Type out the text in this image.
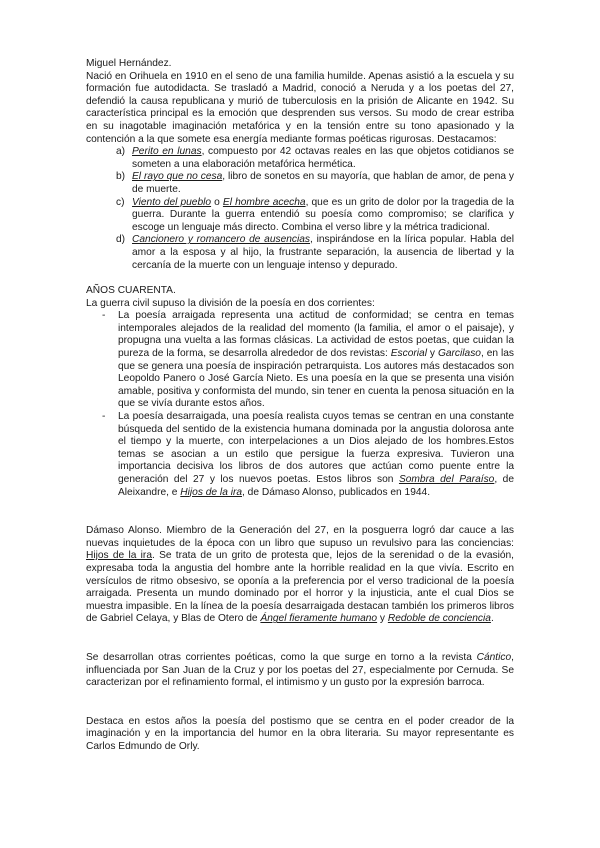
Miguel Hernández.

Nació en Orihuela en 1910 en el seno de una familia humilde. Apenas asistió a la escuela y su formación fue autodidacta. Se trasladó a Madrid, conoció a Neruda y a los poetas del 27, defendió la causa republicana y murió de tuberculosis en la prisión de Alicante en 1942. Su característica principal es la emoción que desprenden sus versos. Su modo de crear estriba en su inagotable imaginación metafórica y en la tensión entre su tono apasionado y la contención a la que somete esa energía mediante formas poéticas rigurosas. Destacamos:

a) Perito en lunas, compuesto por 42 octavas reales en las que objetos cotidianos se someten a una elaboración metafórica hermética.
b) El rayo que no cesa, libro de sonetos en su mayoría, que hablan de amor, de pena y de muerte.
c) Viento del pueblo o El hombre acecha, que es un grito de dolor por la tragedia de la guerra. Durante la guerra entendió su poesía como compromiso; se clarifica y escoge un lenguaje más directo. Combina el verso libre y la métrica tradicional.
d) Cancionero y romancero de ausencias, inspirándose en la lírica popular. Habla del amor a la esposa y al hijo, la frustrante separación, la ausencia de libertad y la cercanía de la muerte con un lenguaje intenso y depurado.

AÑOS CUARENTA.

La guerra civil supuso la división de la poesía en dos corrientes:

- La poesía arraigada representa una actitud de conformidad; se centra en temas intemporales alejados de la realidad del momento (la familia, el amor o el paisaje), y propugna una vuelta a las formas clásicas. La actividad de estos poetas, que cuidan la pureza de la forma, se desarrolla alrededor de dos revistas: Escorial y Garcilaso, en las que se genera una poesía de inspiración petrarquista. Los autores más destacados son Leopoldo Panero o José García Nieto. Es una poesía en la que se presenta una visión amable, positiva y conformista del mundo, sin tener en cuenta la penosa situación en la que se vivía durante estos años.
- La poesía desarraigada, una poesía realista cuyos temas se centran en una constante búsqueda del sentido de la existencia humana dominada por la angustia dolorosa ante el tiempo y la muerte, con interpelaciones a un Dios alejado de los hombres.Estos temas se asocian a un estilo que persigue la fuerza expresiva. Tuvieron una importancia decisiva los libros de dos autores que actúan como puente entre la generación del 27 y los nuevos poetas. Estos libros son Sombra del Paraíso, de Aleixandre, e Hijos de la ira, de Dámaso Alonso, publicados en 1944.

Dámaso Alonso. Miembro de la Generación del 27, en la posguerra logró dar cauce a las nuevas inquietudes de la época con un libro que supuso un revulsivo para las conciencias: Hijos de la ira. Se trata de un grito de protesta que, lejos de la serenidad o de la evasión, expresaba toda la angustia del hombre ante la horrible realidad en la que vivía. Escrito en versículos de ritmo obsesivo, se oponía a la preferencia por el verso tradicional de la poesía arraigada. Presenta un mundo dominado por el horror y la injusticia, ante el cual Dios se muestra impasible. En la línea de la poesía desarraigada destacan también los primeros libros de Gabriel Celaya, y Blas de Otero de Ángel fieramente humano y Redoble de conciencia.

Se desarrollan otras corrientes poéticas, como la que surge en torno a la revista Cántico, influenciada por San Juan de la Cruz y por los poetas del 27, especialmente por Cernuda. Se caracterizan por el refinamiento formal, el intimismo y un gusto por la expresión barroca.

Destaca en estos años la poesía del postismo que se centra en el poder creador de la imaginación y en la importancia del humor en la obra literaria. Su mayor representante es Carlos Edmundo de Orly.
